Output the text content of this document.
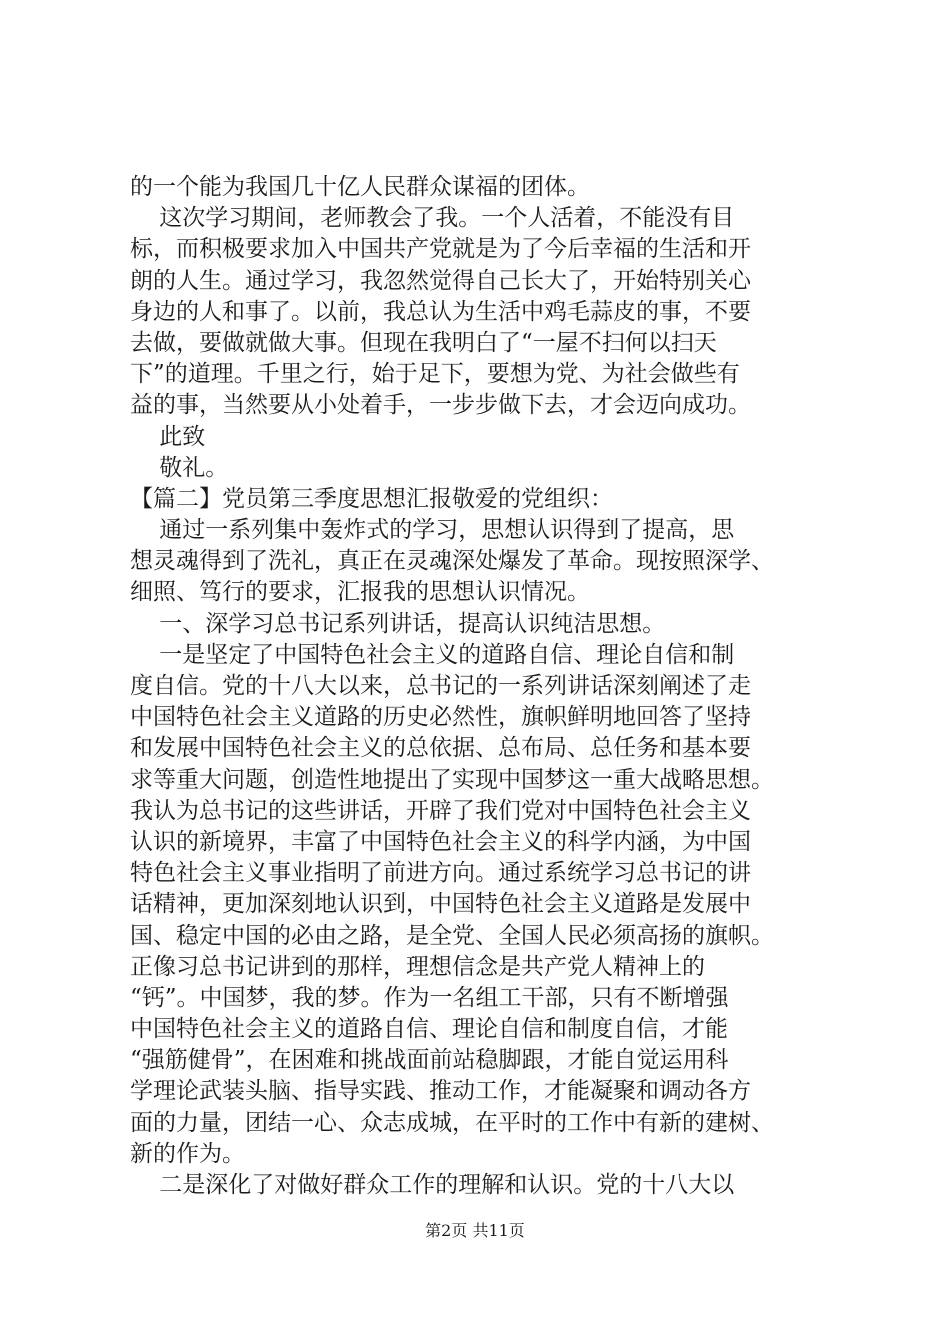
的一个能为我国几十亿人民群众谋福的团体。
这次学习期间，老师教会了我。一个人活着，不能没有目
标，而积极要求加入中国共产党就是为了今后幸福的生活和开
朗的人生。通过学习，我忽然觉得自己长大了，开始特别关心
身边的人和事了。以前，我总认为生活中鸡毛蒜皮的事，不要
去做，要做就做大事。但现在我明白了“一屋不扫何以扫天
下”的道理。千里之行，始于足下，要想为党、为社会做些有
益的事，当然要从小处着手，一步步做下去，才会迈向成功。
此致
敬礼。
【篇二】党员第三季度思想汇报敬爱的党组织：
通过一系列集中轰炸式的学习，思想认识得到了提高，思
想灵魂得到了洗礼，真正在灵魂深处爆发了革命。现按照深学、
细照、笃行的要求，汇报我的思想认识情况。
一、深学习总书记系列讲话，提高认识纯洁思想。
一是坚定了中国特色社会主义的道路自信、理论自信和制
度自信。党的十八大以来，总书记的一系列讲话深刻阐述了走
中国特色社会主义道路的历史必然性，旗帜鲜明地回答了坚持
和发展中国特色社会主义的总依据、总布局、总任务和基本要
求等重大问题，创造性地提出了实现中国梦这一重大战略思想。
我认为总书记的这些讲话，开辟了我们党对中国特色社会主义
认识的新境界，丰富了中国特色社会主义的科学内涵，为中国
特色社会主义事业指明了前进方向。通过系统学习总书记的讲
话精神，更加深刻地认识到，中国特色社会主义道路是发展中
国、稳定中国的必由之路，是全党、全国人民必须高扬的旗帜。
正像习总书记讲到的那样，理想信念是共产党人精神上的
“钙”。中国梦，我的梦。作为一名组工干部，只有不断增强
中国特色社会主义的道路自信、理论自信和制度自信，才能
“强筋健骨”，在困难和挑战面前站稳脚跟，才能自觉运用科
学理论武装头脑、指导实践、推动工作，才能凝聚和调动各方
面的力量，团结一心、众志成城，在平时的工作中有新的建树、
新的作为。
二是深化了对做好群众工作的理解和认识。党的十八大以
第2页 共11页
